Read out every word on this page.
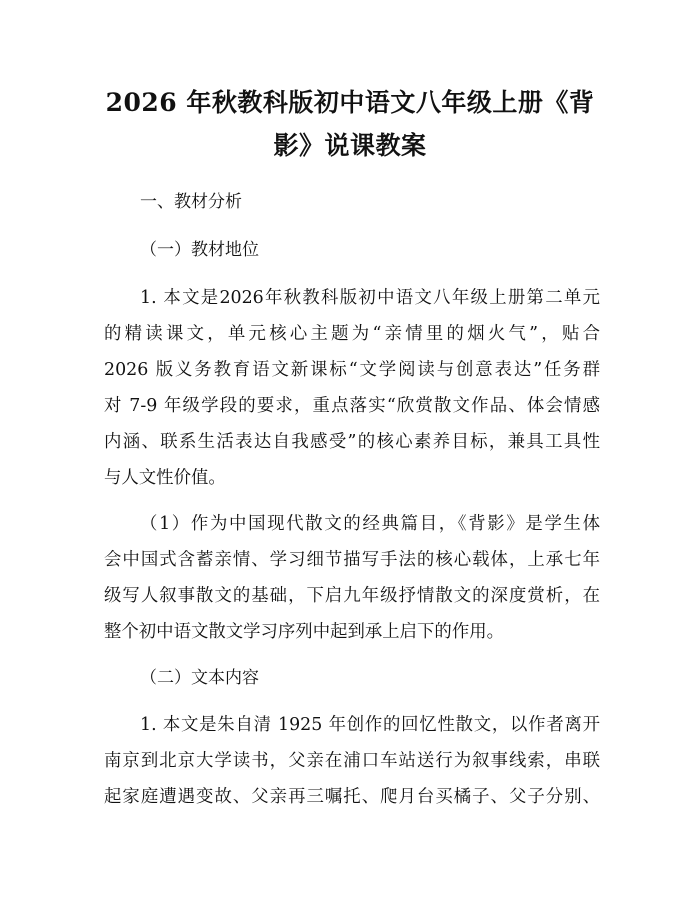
2026 年秋教科版初中语文八年级上册《背
影》说课教案
一、教材分析
（一）教材地位
1. 本文是2026年秋教科版初中语文八年级上册第二单元
的精读课文，单元核心主题为“亲情里的烟火气”，贴合
2026 版义务教育语文新课标“文学阅读与创意表达”任务群
对 7-9 年级学段的要求，重点落实“欣赏散文作品、体会情感
内涵、联系生活表达自我感受”的核心素养目标，兼具工具性
与人文性价值。
（1）作为中国现代散文的经典篇目，《背影》是学生体
会中国式含蓄亲情、学习细节描写手法的核心载体，上承七年
级写人叙事散文的基础，下启九年级抒情散文的深度赏析，在
整个初中语文散文学习序列中起到承上启下的作用。
（二）文本内容
1. 本文是朱自清 1925 年创作的回忆性散文，以作者离开
南京到北京大学读书，父亲在浦口车站送行为叙事线索，串联
起家庭遭遇变故、父亲再三嘱托、爬月台买橘子、父子分别、
